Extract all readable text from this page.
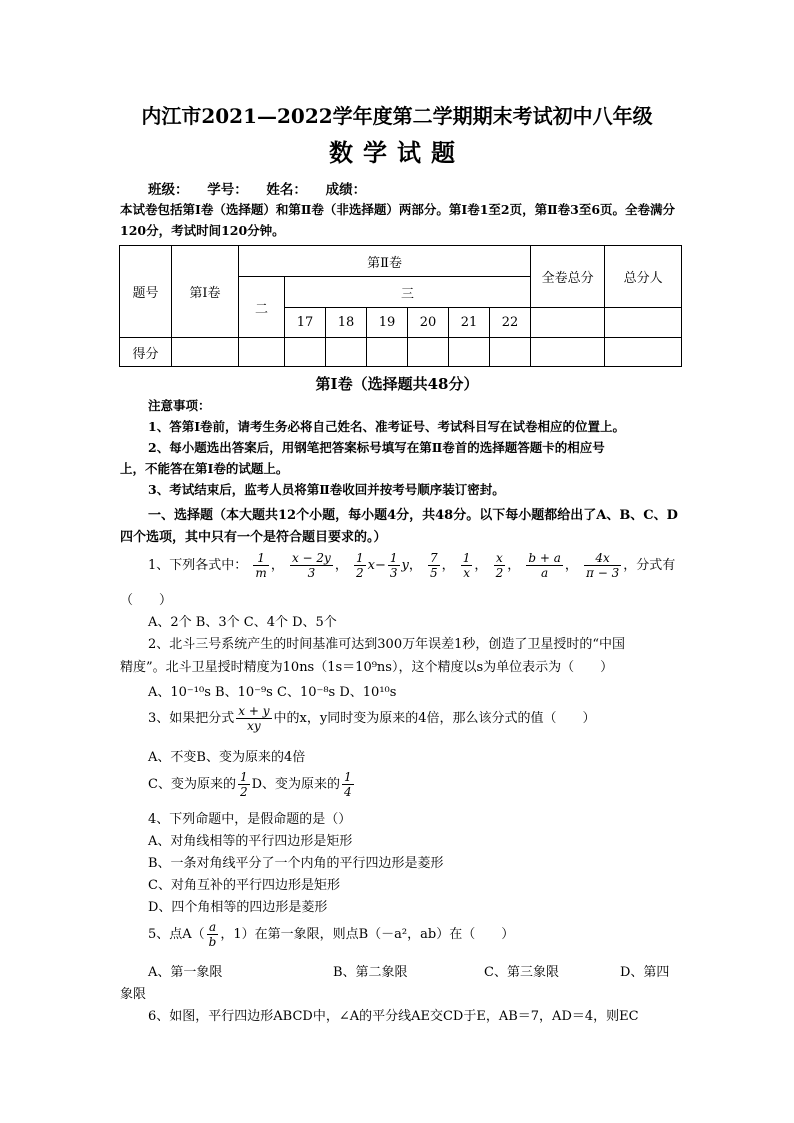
内江市2021—2022学年度第二学期期末考试初中八年级
数学试题
班级： 学号： 姓名： 成绩：
本试卷包括第Ⅰ卷（选择题）和第Ⅱ卷（非选择题）两部分。第Ⅰ卷1至2页，第Ⅱ卷3至6页。全卷满分120分，考试时间120分钟。
题号	第Ⅰ卷	第Ⅱ卷							全卷总分	总分人
		二	三							
			17	18	19	20	21	22		
得分										
第Ⅰ卷（选择题共48分）
注意事项：
1、答第Ⅰ卷前，请考生务必将自己姓名、准考证号、考试科目写在试卷相应的位置上。
2、每小题选出答案后，用钢笔把答案标号填写在第Ⅱ卷首的选择题答题卡的相应号
上，不能答在第Ⅰ卷的试题上。
3、考试结束后，监考人员将第Ⅱ卷收回并按考号顺序装订密封。
一、选择题（本大题共12个小题，每小题4分，共48分。以下每小题都给出了A、B、C、D四个选项，其中只有一个是符合题目要求的。）
1、下列各式中： $\frac{1}{m}$ ， $\frac{x - 2y}{3}$ ， $\frac{1}{2} x- \frac{1}{3}$ y， $\frac{7}{5}$ ， $\frac{1}{x}$ ， $\frac{x}{2}$ ， $\frac{b + a}{a}$ ， $\frac{4x}{\pi - 3}$ ，分式有
（　　）
A、2个 B、3个 C、4个 D、5个
2、北斗三号系统产生的时间基准可达到300万年误差1秒，创造了卫星授时的“中国
精度”。北斗卫星授时精度为10ns（1s＝10⁹ns），这个精度以s为单位表示为（　　）
A、10⁻¹⁰s B、10⁻⁹s C、10⁻⁸s D、10¹⁰s
3、如果把分式 $\frac{x + y}{xy}$ 中的x，y同时变为原来的4倍，那么该分式的值（　　）
A、不变B、变为原来的4倍
C、变为原来的 $\frac{1}{2}$ D、变为原来的 $\frac{1}{4}$
4、下列命题中，是假命题的是（）
A、对角线相等的平行四边形是矩形
B、一条对角线平分了一个内角的平行四边形是菱形
C、对角互补的平行四边形是矩形
D、四个角相等的四边形是菱形
5、点$A( \frac{a}{b}$ ，1）在第一象限，则点B（－a²，ab）在（　　）
A、第一象限	B、第二象限	C、第三象限	D、第四
象限
6、如图，平行四边形ABCD中，∠A的平分线AE交CD于E，AB＝7，AD＝4，则EC
